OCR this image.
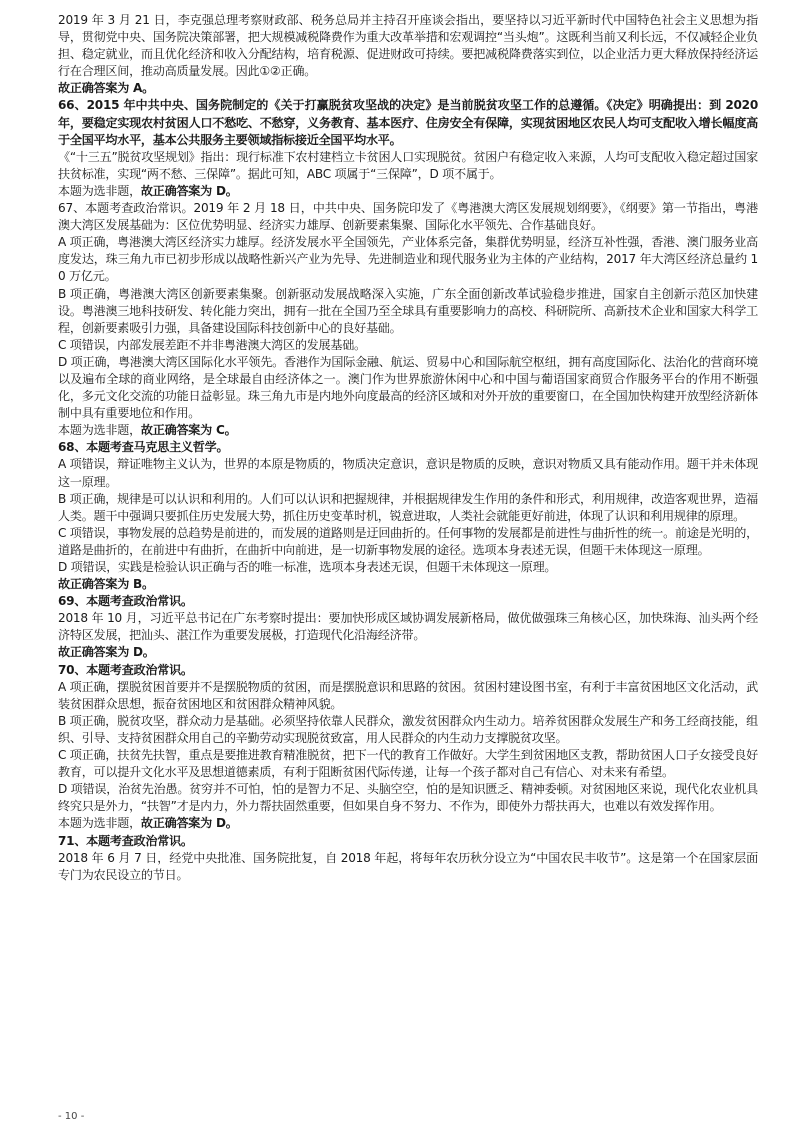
2019 年 3 月 21 日，李克强总理考察财政部、税务总局并主持召开座谈会指出，要坚持以习近平新时代中国特色社会主义思想为指导，贯彻党中央、国务院决策部署，把大规模减税降费作为重大改革举措和宏观调控“当头炮”。这既利当前又利长远，不仅减轻企业负担、稳定就业，而且优化经济和收入分配结构，培育税源、促进财政可持续。要把减税降费落实到位，以企业活力更大释放保持经济运行在合理区间，推动高质量发展。因此①②正确。

故正确答案为 A。

66、2015 年中共中央、国务院制定的《关于打赢脱贫攻坚战的决定》是当前脱贫攻坚工作的总遵循。《决定》明确提出：到 2020 年，要稳定实现农村贫困人口不愁吃、不愁穿，义务教育、基本医疗、住房安全有保障，实现贫困地区农民人均可支配收入增长幅度高于全国平均水平，基本公共服务主要领域指标接近全国平均水平。

《“十三五”脱贫攻坚规划》指出：现行标准下农村建档立卡贫困人口实现脱贫。贫困户有稳定收入来源，人均可支配收入稳定超过国家扶贫标准，实现“两不愁、三保障”。据此可知，ABC 项属于“三保障”，D 项不属于。

本题为选非题，故正确答案为 D。

67、本题考查政治常识。2019 年 2 月 18 日，中共中央、国务院印发了《粤港澳大湾区发展规划纲要》，《纲要》第一节指出，粤港澳大湾区发展基础为：区位优势明显、经济实力雄厚、创新要素集聚、国际化水平领先、合作基础良好。

A 项正确，粤港澳大湾区经济实力雄厚。经济发展水平全国领先，产业体系完备，集群优势明显，经济互补性强，香港、澳门服务业高度发达，珠三角九市已初步形成以战略性新兴产业为先导、先进制造业和现代服务业为主体的产业结构，2017 年大湾区经济总量约 10 万亿元。

B 项正确，粤港澳大湾区创新要素集聚。创新驱动发展战略深入实施，广东全面创新改革试验稳步推进，国家自主创新示范区加快建设。粤港澳三地科技研发、转化能力突出，拥有一批在全国乃至全球具有重要影响力的高校、科研院所、高新技术企业和国家大科学工程，创新要素吸引力强，具备建设国际科技创新中心的良好基础。

C 项错误，内部发展差距不并非粤港澳大湾区的发展基础。

D 项正确，粤港澳大湾区国际化水平领先。香港作为国际金融、航运、贸易中心和国际航空枢纽，拥有高度国际化、法治化的营商环境以及遍布全球的商业网络，是全球最自由经济体之一。澳门作为世界旅游休闲中心和中国与葡语国家商贸合作服务平台的作用不断强化，多元文化交流的功能日益彰显。珠三角九市是内地外向度最高的经济区域和对外开放的重要窗口，在全国加快构建开放型经济新体制中具有重要地位和作用。

本题为选非题，故正确答案为 C。

68、本题考查马克思主义哲学。

A 项错误，辩证唯物主义认为，世界的本原是物质的，物质决定意识，意识是物质的反映，意识对物质又具有能动作用。题干并未体现这一原理。

B 项正确，规律是可以认识和利用的。人们可以认识和把握规律，并根据规律发生作用的条件和形式，利用规律，改造客观世界，造福人类。题干中强调只要抓住历史发展大势，抓住历史变革时机，锐意进取，人类社会就能更好前进，体现了认识和利用规律的原理。

C 项错误，事物发展的总趋势是前进的，而发展的道路则是迂回曲折的。任何事物的发展都是前进性与曲折性的统一。前途是光明的，道路是曲折的，在前进中有曲折，在曲折中向前进，是一切新事物发展的途径。选项本身表述无误，但题干未体现这一原理。

D 项错误，实践是检验认识正确与否的唯一标准，选项本身表述无误，但题干未体现这一原理。

故正确答案为 B。

69、本题考查政治常识。

2018 年 10 月，习近平总书记在广东考察时提出：要加快形成区域协调发展新格局，做优做强珠三角核心区，加快珠海、汕头两个经济特区发展，把汕头、湛江作为重要发展极，打造现代化沿海经济带。

故正确答案为 D。

70、本题考查政治常识。

A 项正确，摆脱贫困首要并不是摆脱物质的贫困，而是摆脱意识和思路的贫困。贫困村建设图书室，有利于丰富贫困地区文化活动，武装贫困群众思想，振奋贫困地区和贫困群众精神风貌。

B 项正确，脱贫攻坚，群众动力是基础。必须坚持依靠人民群众，激发贫困群众内生动力。培养贫困群众发展生产和务工经商技能，组织、引导、支持贫困群众用自己的辛勤劳动实现脱贫致富，用人民群众的内生动力支撑脱贫攻坚。

C 项正确，扶贫先扶智，重点是要推进教育精准脱贫，把下一代的教育工作做好。大学生到贫困地区支教，帮助贫困人口子女接受良好教育，可以提升文化水平及思想道德素质，有利于阻断贫困代际传递，让每一个孩子都对自己有信心、对未来有希望。

D 项错误，治贫先治愚。贫穷并不可怕，怕的是智力不足、头脑空空，怕的是知识匮乏、精神委顿。对贫困地区来说，现代化农业机具终究只是外力，“扶智”才是内力，外力帮扶固然重要，但如果自身不努力、不作为，即使外力帮扶再大，也难以有效发挥作用。

本题为选非题，故正确答案为 D。

71、本题考查政治常识。

2018 年 6 月 7 日，经党中央批准、国务院批复，自 2018 年起，将每年农历秋分设立为“中国农民丰收节”。这是第一个在国家层面专门为农民设立的节日。

- 10 -
